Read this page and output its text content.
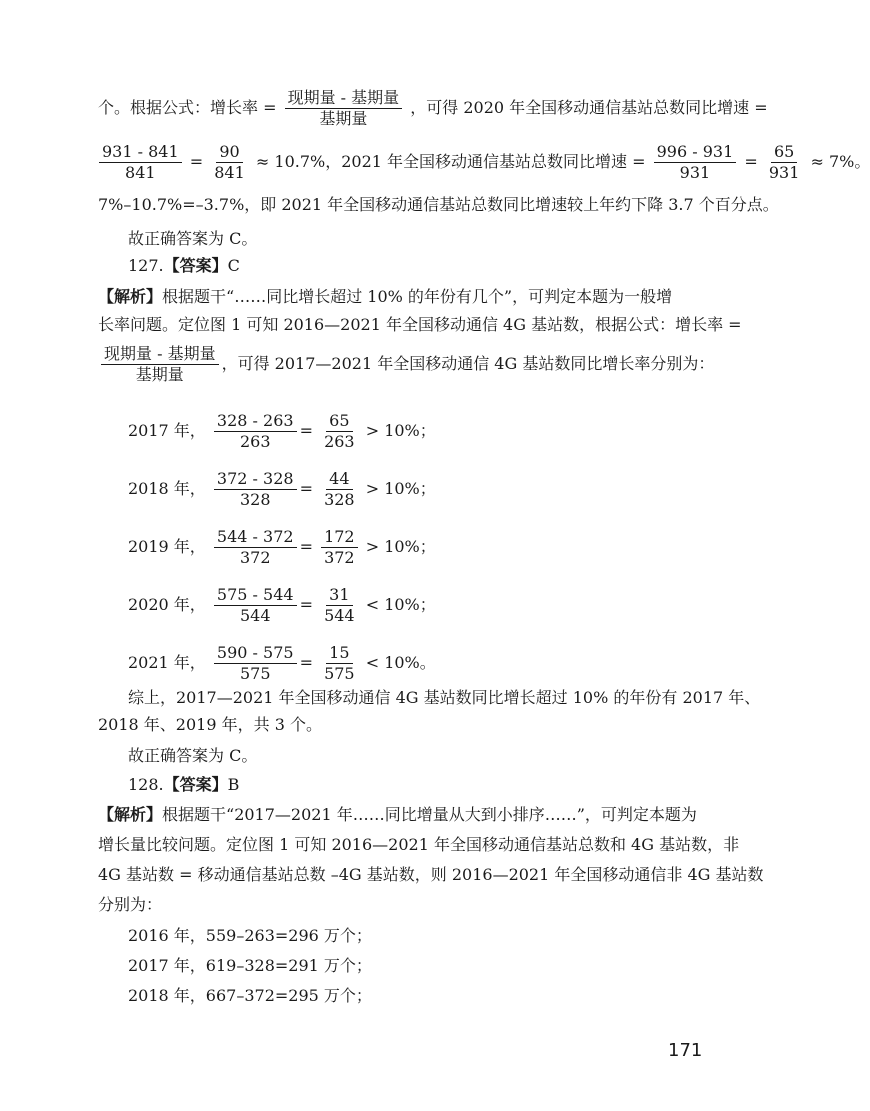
个。根据公式：增长率 = $\frac{\text{现期量 - 基期量}}{\text{基期量}}$ ，可得 2020 年全国移动通信基站总数同比增速 =
$\frac{931 - 841}{841} = \frac{90}{841} \approx 10.7\%$，2021 年全国移动通信基站总数同比增速 = $\frac{996 - 931}{931} = \frac{65}{931} \approx 7\%$。
7%–10.7%=–3.7%，即 2021 年全国移动通信基站总数同比增速较上年约下降 3.7 个百分点。
故正确答案为 C。
127.【答案】C
【解析】根据题干“……同比增长超过 10% 的年份有几个”，可判定本题为一般增
长率问题。定位图 1 可知 2016—2021 年全国移动通信 4G 基站数，根据公式：增长率 =
$\frac{\text{现期量 - 基期量}}{\text{基期量}}$ ，可得 2017—2021 年全国移动通信 4G 基站数同比增长率分别为：
2017 年， $\frac{328 - 263}{263} = \frac{65}{263} > 10\%$；
2018 年， $\frac{372 - 328}{328} = \frac{44}{328} > 10\%$；
2019 年， $\frac{544 - 372}{372} = \frac{172}{372} > 10\%$；
2020 年， $\frac{575 - 544}{544} = \frac{31}{544} < 10\%$；
2021 年， $\frac{590 - 575}{575} = \frac{15}{575} < 10\%$。
综上，2017—2021 年全国移动通信 4G 基站数同比增长超过 10% 的年份有 2017 年、
2018 年、2019 年，共 3 个。
故正确答案为 C。
128.【答案】B
【解析】根据题干“2017—2021 年……同比增量从大到小排序……”，可判定本题为
增长量比较问题。定位图 1 可知 2016—2021 年全国移动通信基站总数和 4G 基站数，非
4G 基站数 = 移动通信基站总数 –4G 基站数，则 2016—2021 年全国移动通信非 4G 基站数
分别为：
2016 年，559–263=296 万个；
2017 年，619–328=291 万个；
2018 年，667–372=295 万个；
171
